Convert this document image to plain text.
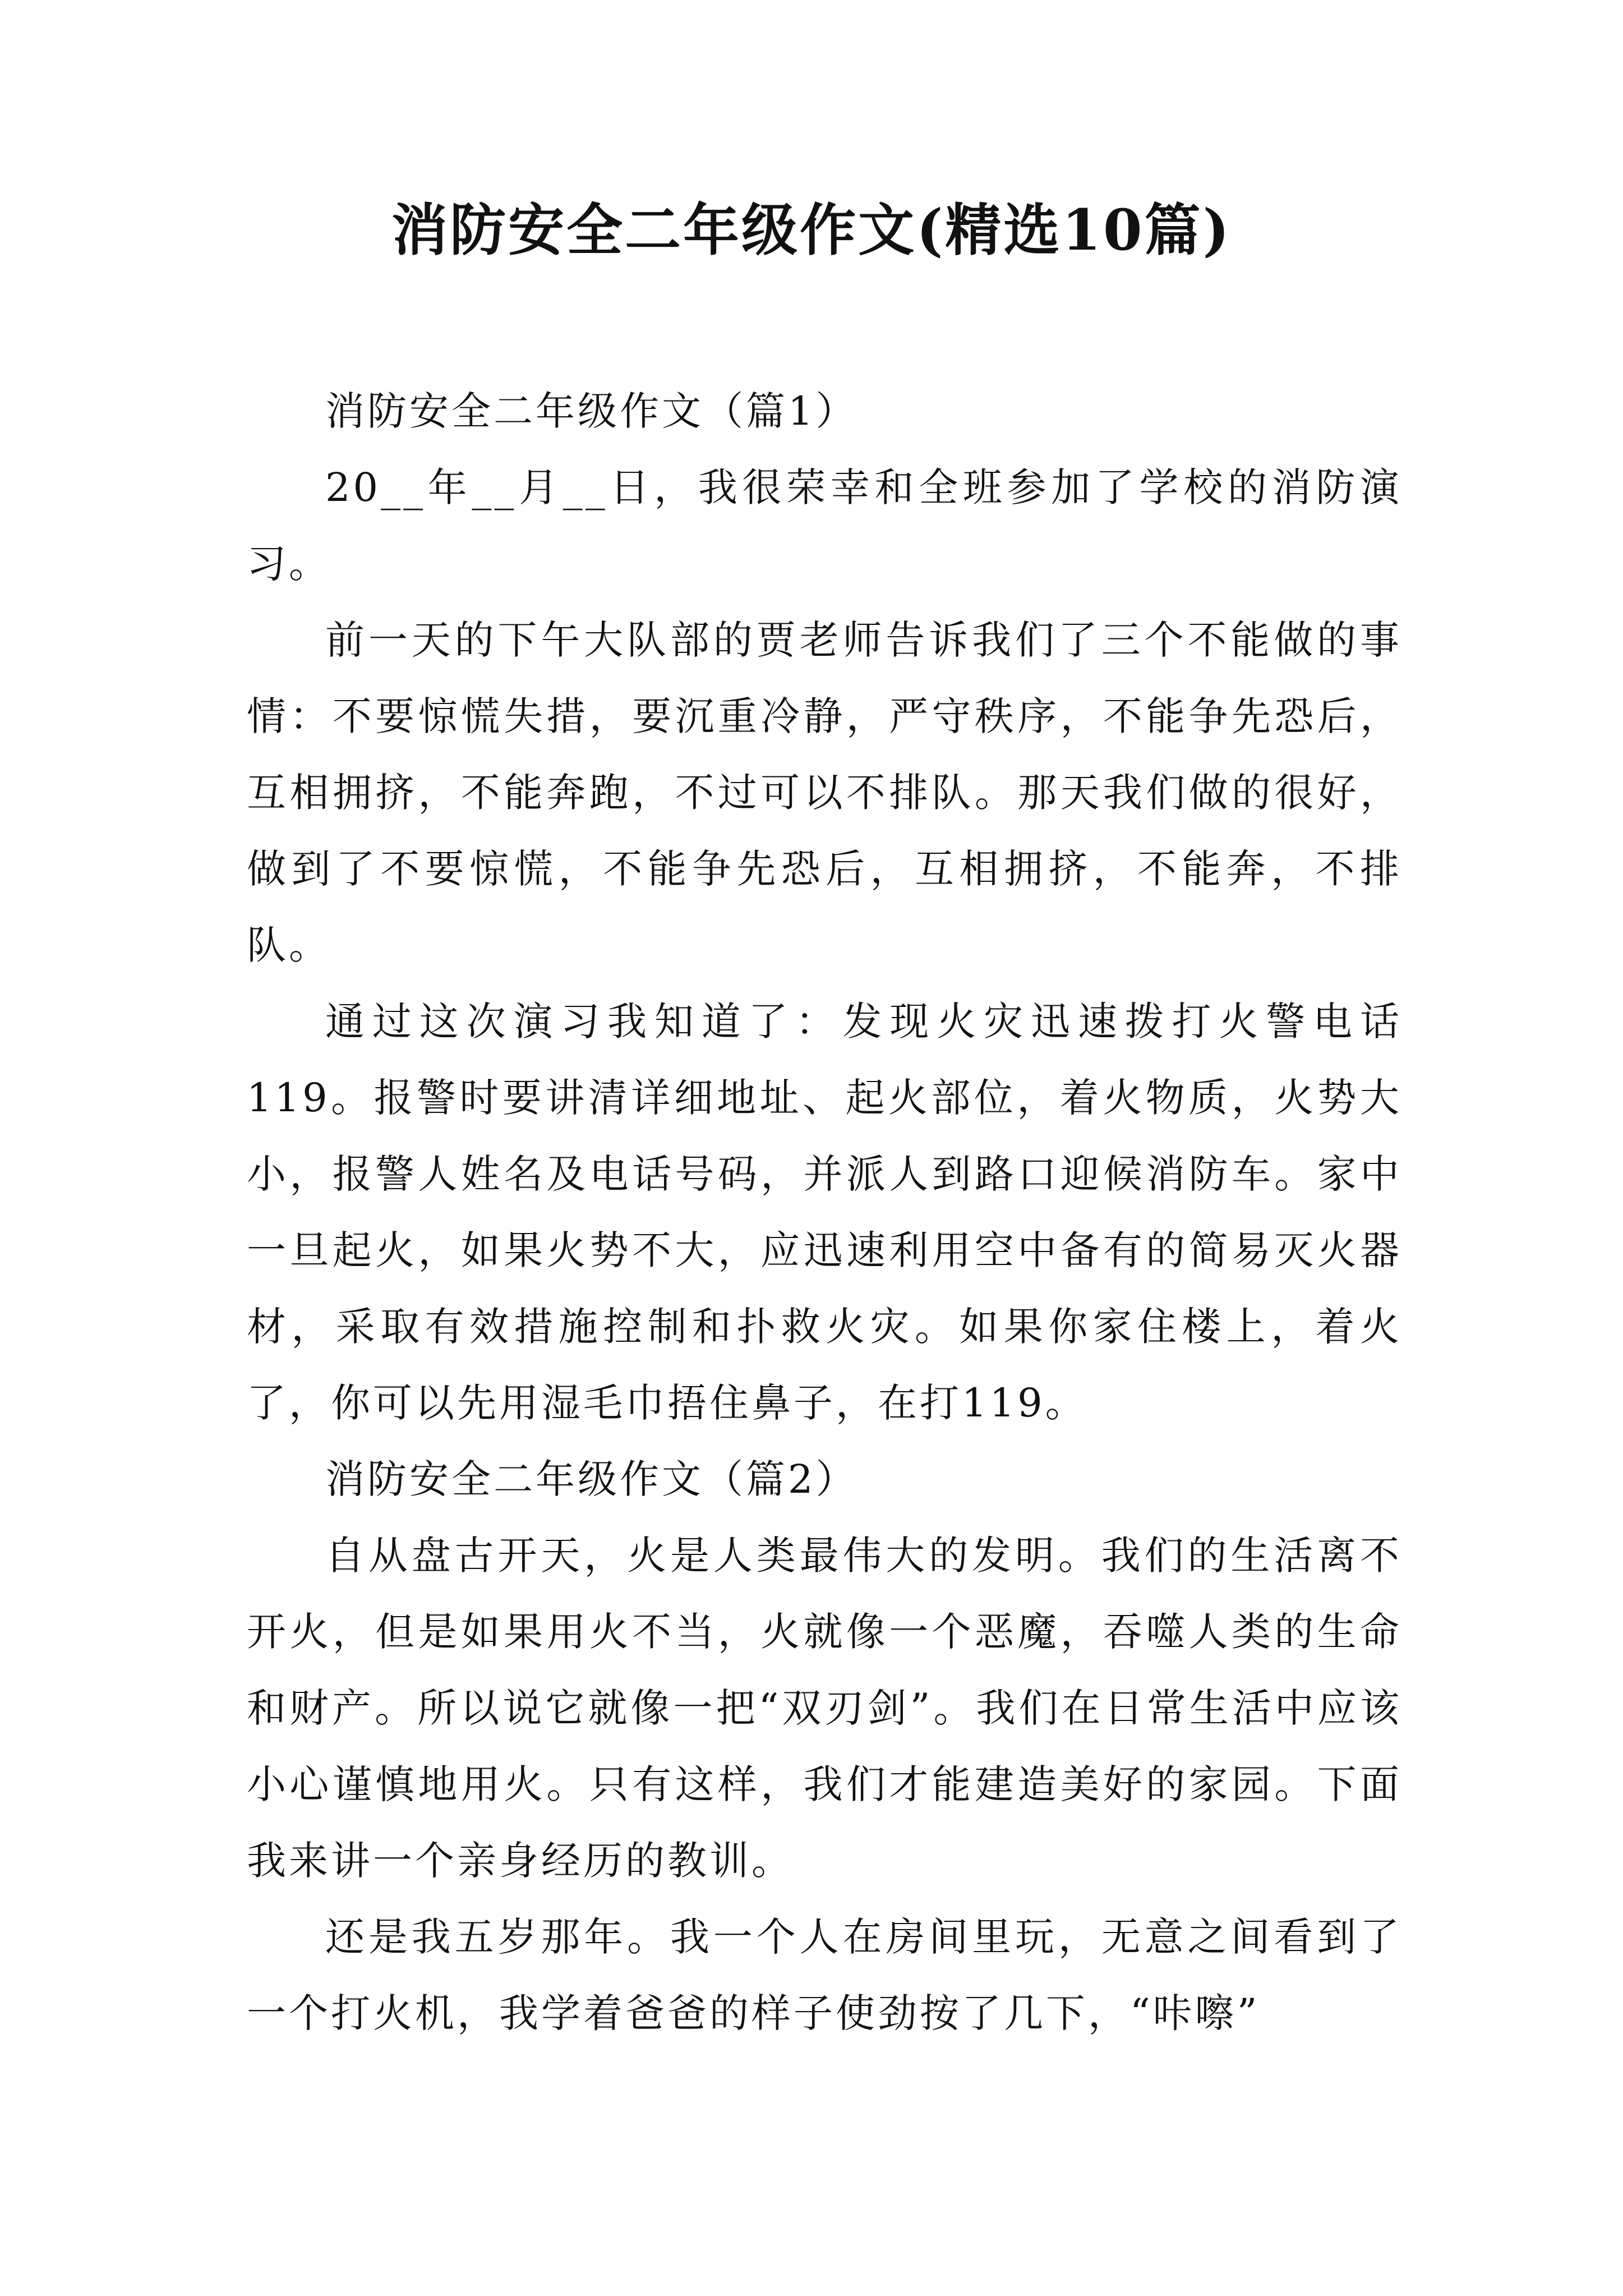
消防安全二年级作文(精选10篇)

消防安全二年级作文（篇1）

20__年__月__日，我很荣幸和全班参加了学校的消防演习。

前一天的下午大队部的贾老师告诉我们了三个不能做的事情：不要惊慌失措，要沉重冷静，严守秩序，不能争先恐后，互相拥挤，不能奔跑，不过可以不排队。那天我们做的很好，做到了不要惊慌，不能争先恐后，互相拥挤，不能奔，不排队。

通过这次演习我知道了：发现火灾迅速拨打火警电话119。报警时要讲清详细地址、起火部位，着火物质，火势大小，报警人姓名及电话号码，并派人到路口迎候消防车。家中一旦起火，如果火势不大，应迅速利用空中备有的简易灭火器材，采取有效措施控制和扑救火灾。如果你家住楼上，着火了，你可以先用湿毛巾捂住鼻子，在打119。

消防安全二年级作文（篇2）

自从盘古开天，火是人类最伟大的发明。我们的生活离不开火，但是如果用火不当，火就像一个恶魔，吞噬人类的生命和财产。所以说它就像一把“双刃剑”。我们在日常生活中应该小心谨慎地用火。只有这样，我们才能建造美好的家园。下面我来讲一个亲身经历的教训。

还是我五岁那年。我一个人在房间里玩，无意之间看到了一个打火机，我学着爸爸的样子使劲按了几下，“咔嚓”
